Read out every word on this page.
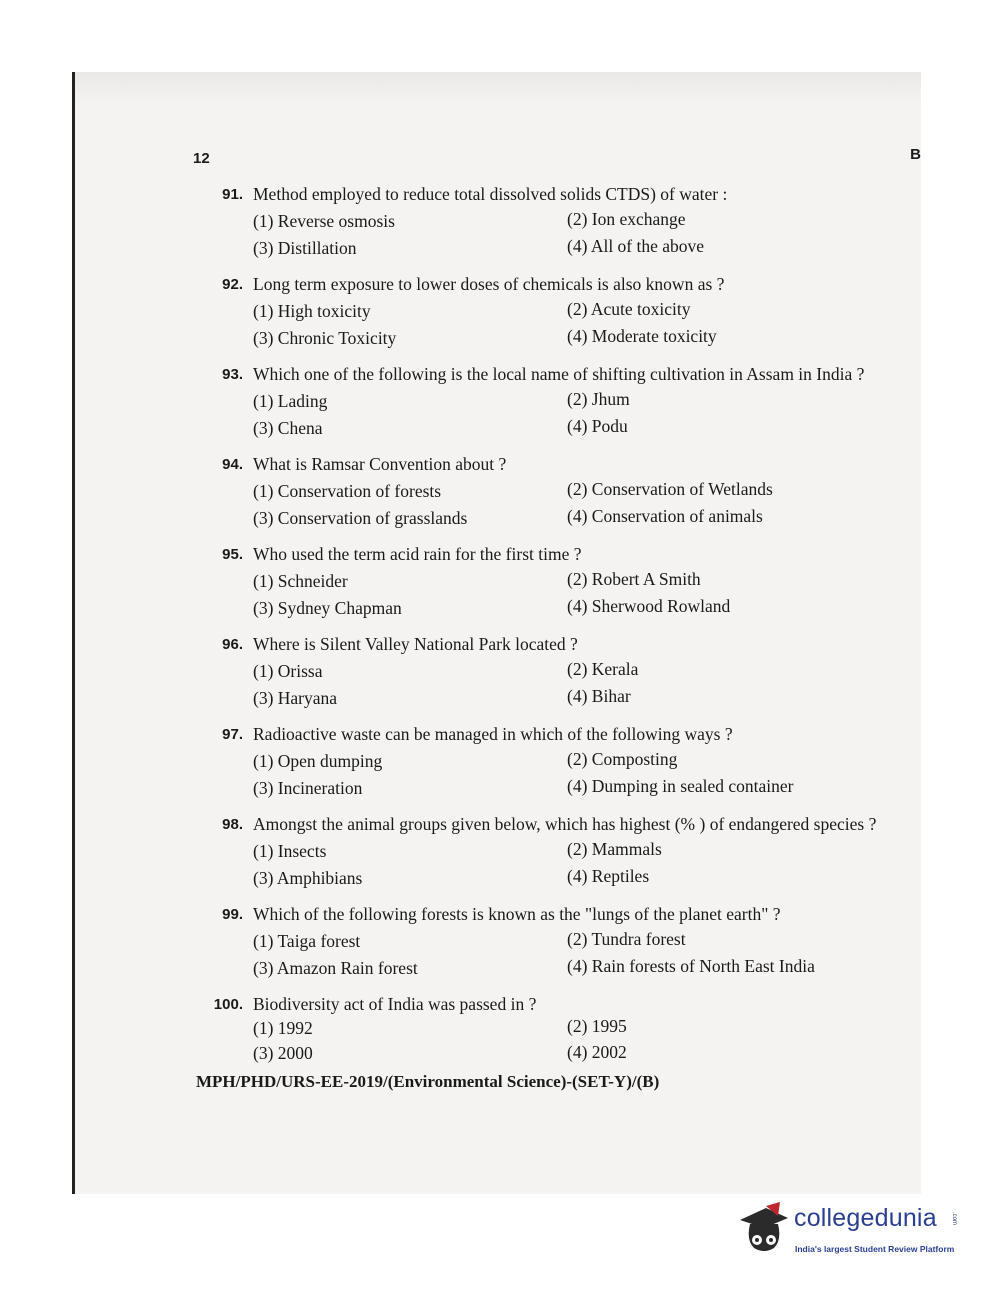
12	B
91. Method employed to reduce total dissolved solids CTDS) of water :
(1) Reverse osmosis	(2) Ion exchange
(3) Distillation	(4) All of the above
92. Long term exposure to lower doses of chemicals is also known as ?
(1) High toxicity	(2) Acute toxicity
(3) Chronic Toxicity	(4) Moderate toxicity
93. Which one of the following is the local name of shifting cultivation in Assam in India ?
(1) Lading	(2) Jhum
(3) Chena	(4) Podu
94. What is Ramsar Convention about ?
(1) Conservation of forests	(2) Conservation of Wetlands
(3) Conservation of grasslands	(4) Conservation of animals
95. Who used the term acid rain for the first time ?
(1) Schneider	(2) Robert A Smith
(3) Sydney Chapman	(4) Sherwood Rowland
96. Where is Silent Valley National Park located ?
(1) Orissa	(2) Kerala
(3) Haryana	(4) Bihar
97. Radioactive waste can be managed in which of the following ways ?
(1) Open dumping	(2) Composting
(3) Incineration	(4) Dumping in sealed container
98. Amongst the animal groups given below, which has highest (% ) of endangered species ?
(1) Insects	(2) Mammals
(3) Amphibians	(4) Reptiles
99. Which of the following forests is known as the "lungs of the planet earth" ?
(1) Taiga forest	(2) Tundra forest
(3) Amazon Rain forest	(4) Rain forests of North East India
100. Biodiversity act of India was passed in ?
(1) 1992	(2) 1995
(3) 2000	(4) 2002
MPH/PHD/URS-EE-2019/(Environmental Science)-(SET-Y)/(B)
collegedunia .com
India's largest Student Review Platform
